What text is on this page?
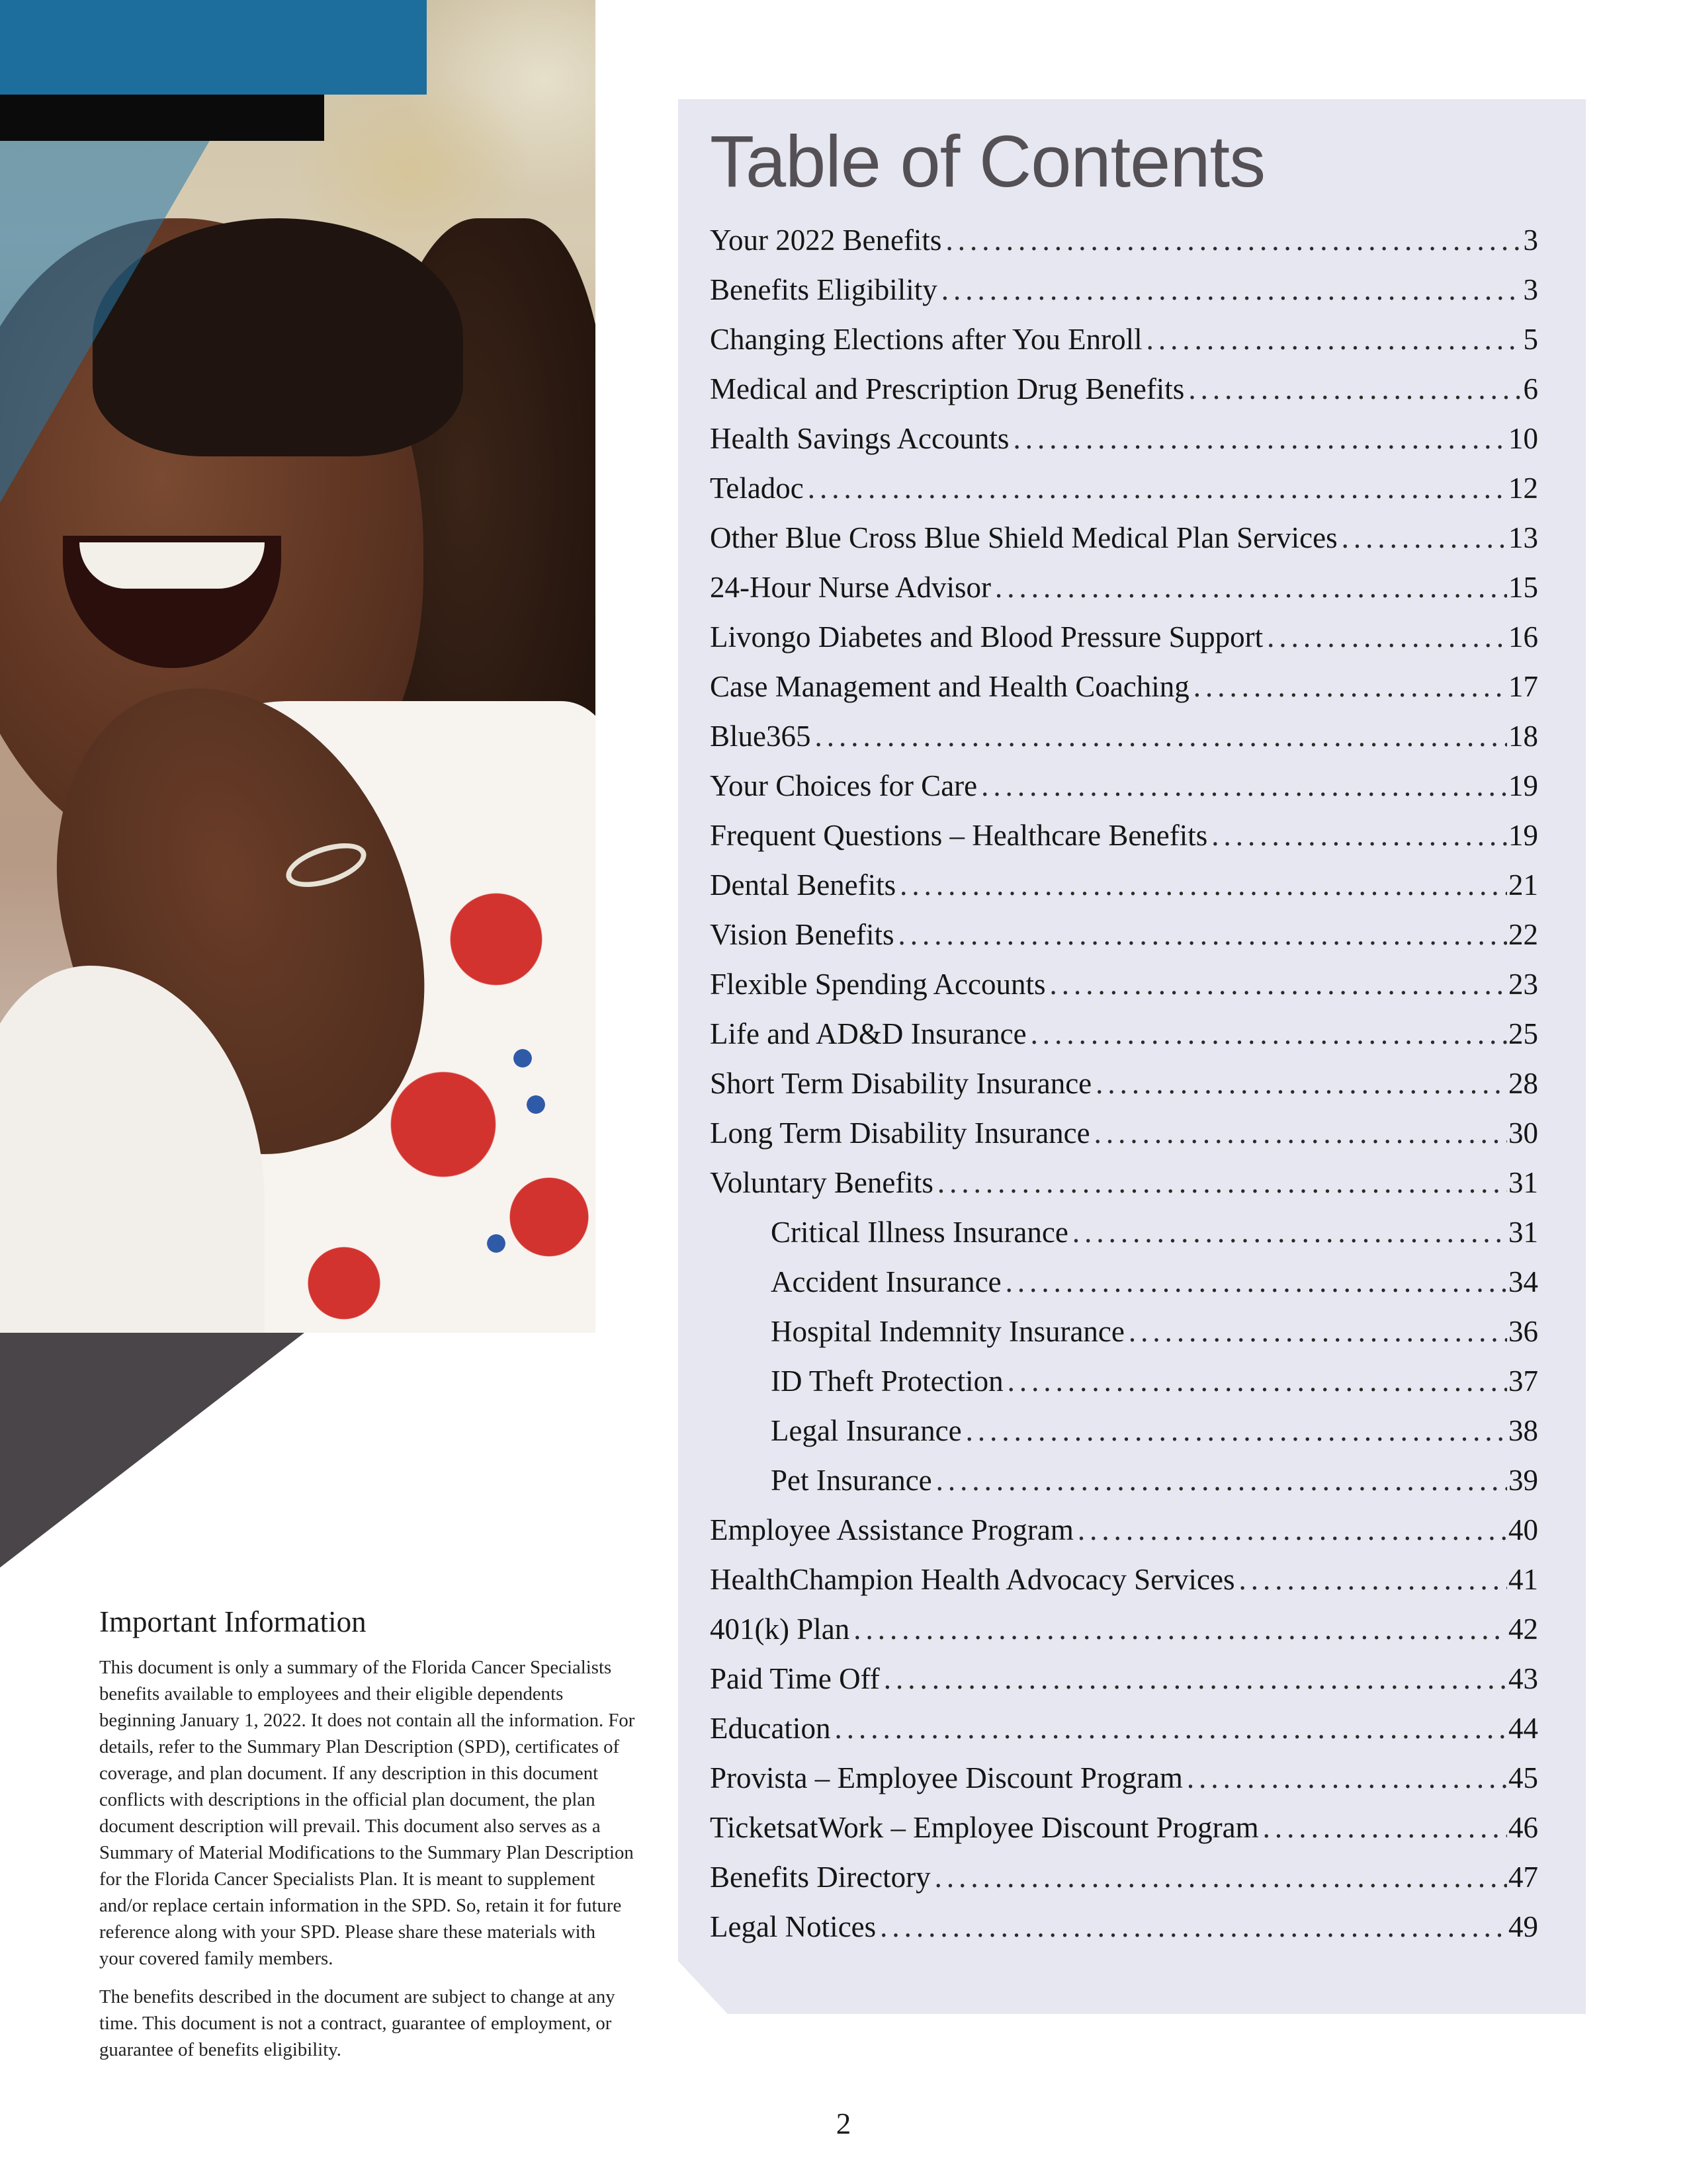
Important Information

This document is only a summary of the Florida Cancer Specialists benefits available to employees and their eligible dependents beginning January 1, 2022. It does not contain all the information. For details, refer to the Summary Plan Description (SPD), certificates of coverage, and plan document. If any description in this document conflicts with descriptions in the official plan document, the plan document description will prevail. This document also serves as a Summary of Material Modifications to the Summary Plan Description for the Florida Cancer Specialists Plan. It is meant to supplement and/or replace certain information in the SPD. So, retain it for future reference along with your SPD. Please share these materials with your covered family members.

The benefits described in the document are subject to change at any time. This document is not a contract, guarantee of employment, or guarantee of benefits eligibility.

Table of Contents
Your 2022 Benefits .....	3
Benefits Eligibility .....	3
Changing Elections after You Enroll .....	5
Medical and Prescription Drug Benefits .....	6
Health Savings Accounts .....	10
Teladoc .....	12
Other Blue Cross Blue Shield Medical Plan Services .....	13
24-Hour Nurse Advisor .....	15
Livongo Diabetes and Blood Pressure Support .....	16
Case Management and Health Coaching .....	17
Blue365 .....	18
Your Choices for Care .....	19
Frequent Questions – Healthcare Benefits .....	19
Dental Benefits .....	21
Vision Benefits .....	22
Flexible Spending Accounts .....	23
Life and AD&D Insurance .....	25
Short Term Disability Insurance .....	28
Long Term Disability Insurance .....	30
Voluntary Benefits .....	31
Critical Illness Insurance .....	31
Accident Insurance .....	34
Hospital Indemnity Insurance .....	36
ID Theft Protection .....	37
Legal Insurance .....	38
Pet Insurance .....	39
Employee Assistance Program .....	40
HealthChampion Health Advocacy Services .....	41
401(k) Plan .....	42
Paid Time Off .....	43
Education .....	44
Provista – Employee Discount Program .....	45
TicketsatWork – Employee Discount Program .....	46
Benefits Directory .....	47
Legal Notices .....	49
2
